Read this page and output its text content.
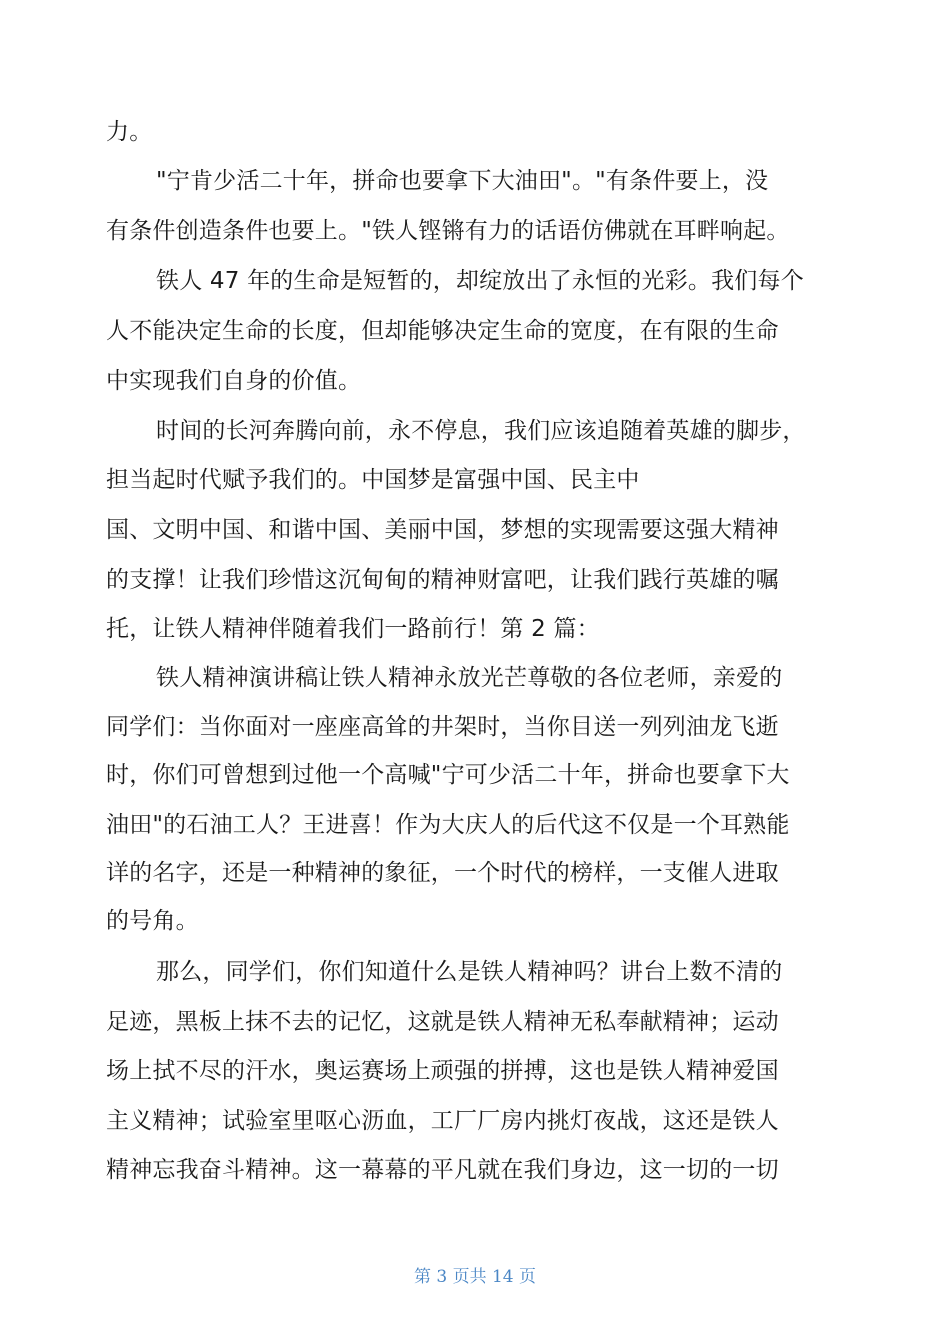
力。
"宁肯少活二十年，拼命也要拿下大油田"。"有条件要上，没
有条件创造条件也要上。"铁人铿锵有力的话语仿佛就在耳畔响起。
铁人 47 年的生命是短暂的，却绽放出了永恒的光彩。我们每个
人不能决定生命的长度，但却能够决定生命的宽度，在有限的生命
中实现我们自身的价值。
时间的长河奔腾向前，永不停息，我们应该追随着英雄的脚步，
担当起时代赋予我们的。中国梦是富强中国、民主中
国、文明中国、和谐中国、美丽中国，梦想的实现需要这强大精神
的支撑！让我们珍惜这沉甸甸的精神财富吧，让我们践行英雄的嘱
托，让铁人精神伴随着我们一路前行！第 2 篇：
铁人精神演讲稿让铁人精神永放光芒尊敬的各位老师，亲爱的
同学们：当你面对一座座高耸的井架时，当你目送一列列油龙飞逝
时，你们可曾想到过他一个高喊"宁可少活二十年，拼命也要拿下大
油田"的石油工人？王进喜！作为大庆人的后代这不仅是一个耳熟能
详的名字，还是一种精神的象征，一个时代的榜样，一支催人进取
的号角。
那么，同学们，你们知道什么是铁人精神吗？讲台上数不清的
足迹，黑板上抹不去的记忆，这就是铁人精神无私奉献精神；运动
场上拭不尽的汗水，奥运赛场上顽强的拼搏，这也是铁人精神爱国
主义精神；试验室里呕心沥血，工厂厂房内挑灯夜战，这还是铁人
精神忘我奋斗精神。这一幕幕的平凡就在我们身边，这一切的一切
第 3 页共 14 页
